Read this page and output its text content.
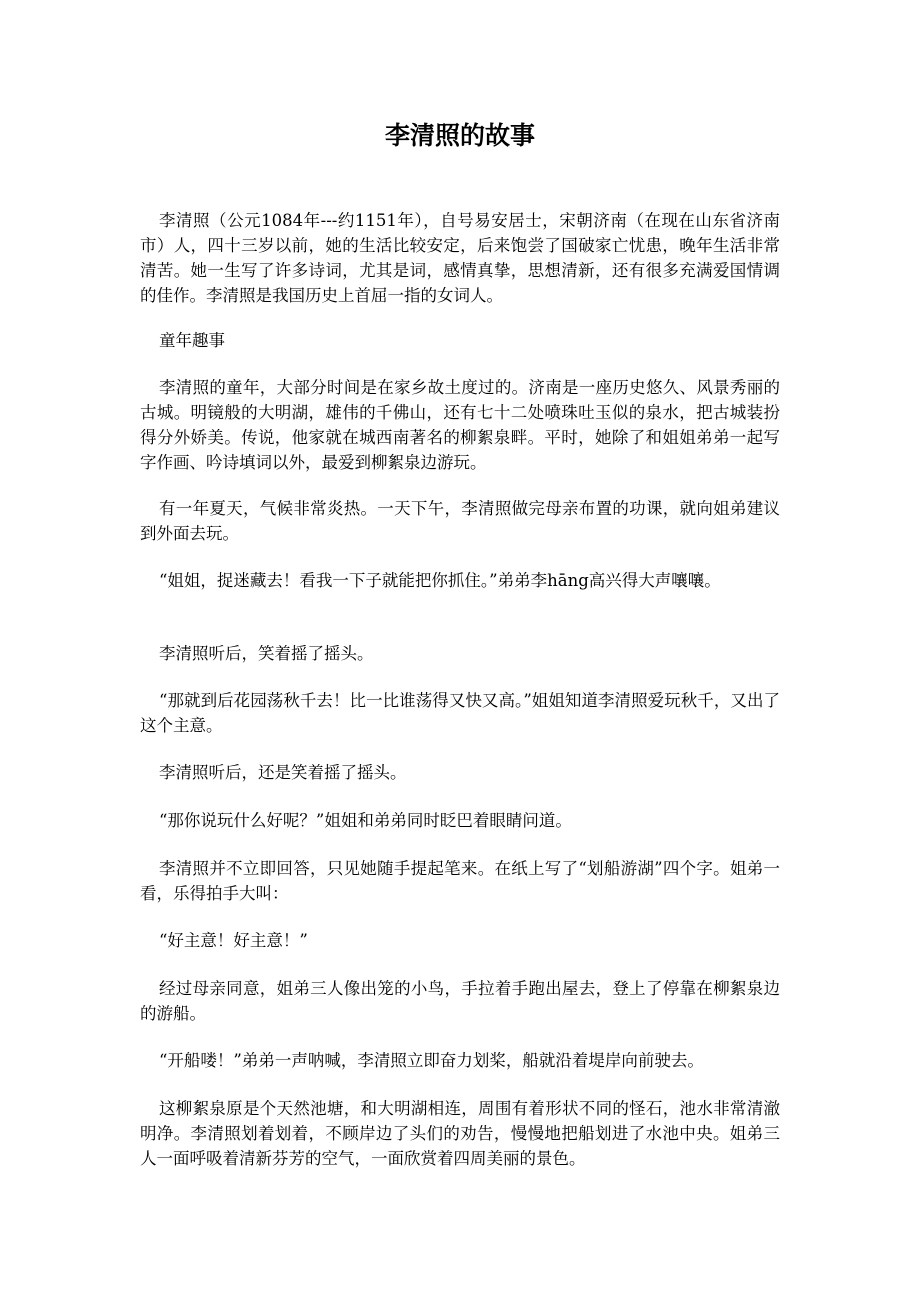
李清照的故事

李清照（公元1084年---约1151年），自号易安居士，宋朝济南（在现在山东省济南市）人，四十三岁以前，她的生活比较安定，后来饱尝了国破家亡忧患，晚年生活非常清苦。她一生写了许多诗词，尤其是词，感情真挚，思想清新，还有很多充满爱国情调的佳作。李清照是我国历史上首屈一指的女词人。

童年趣事

李清照的童年，大部分时间是在家乡故土度过的。济南是一座历史悠久、风景秀丽的古城。明镜般的大明湖，雄伟的千佛山，还有七十二处喷珠吐玉似的泉水，把古城装扮得分外娇美。传说，他家就在城西南著名的柳絮泉畔。平时，她除了和姐姐弟弟一起写字作画、吟诗填词以外，最爱到柳絮泉边游玩。

有一年夏天，气候非常炎热。一天下午，李清照做完母亲布置的功课，就向姐弟建议到外面去玩。

“姐姐，捉迷藏去！看我一下子就能把你抓住。”弟弟李hāng高兴得大声嚷嚷。

李清照听后，笑着摇了摇头。

“那就到后花园荡秋千去！比一比谁荡得又快又高。”姐姐知道李清照爱玩秋千，又出了这个主意。

李清照听后，还是笑着摇了摇头。

“那你说玩什么好呢？”姐姐和弟弟同时眨巴着眼睛问道。

李清照并不立即回答，只见她随手提起笔来。在纸上写了“划船游湖”四个字。姐弟一看，乐得拍手大叫：

“好主意！好主意！”

经过母亲同意，姐弟三人像出笼的小鸟，手拉着手跑出屋去，登上了停靠在柳絮泉边的游船。

“开船喽！”弟弟一声呐喊，李清照立即奋力划桨，船就沿着堤岸向前驶去。

这柳絮泉原是个天然池塘，和大明湖相连，周围有着形状不同的怪石，池水非常清澈明净。李清照划着划着，不顾岸边了头们的劝告，慢慢地把船划进了水池中央。姐弟三人一面呼吸着清新芬芳的空气，一面欣赏着四周美丽的景色。
